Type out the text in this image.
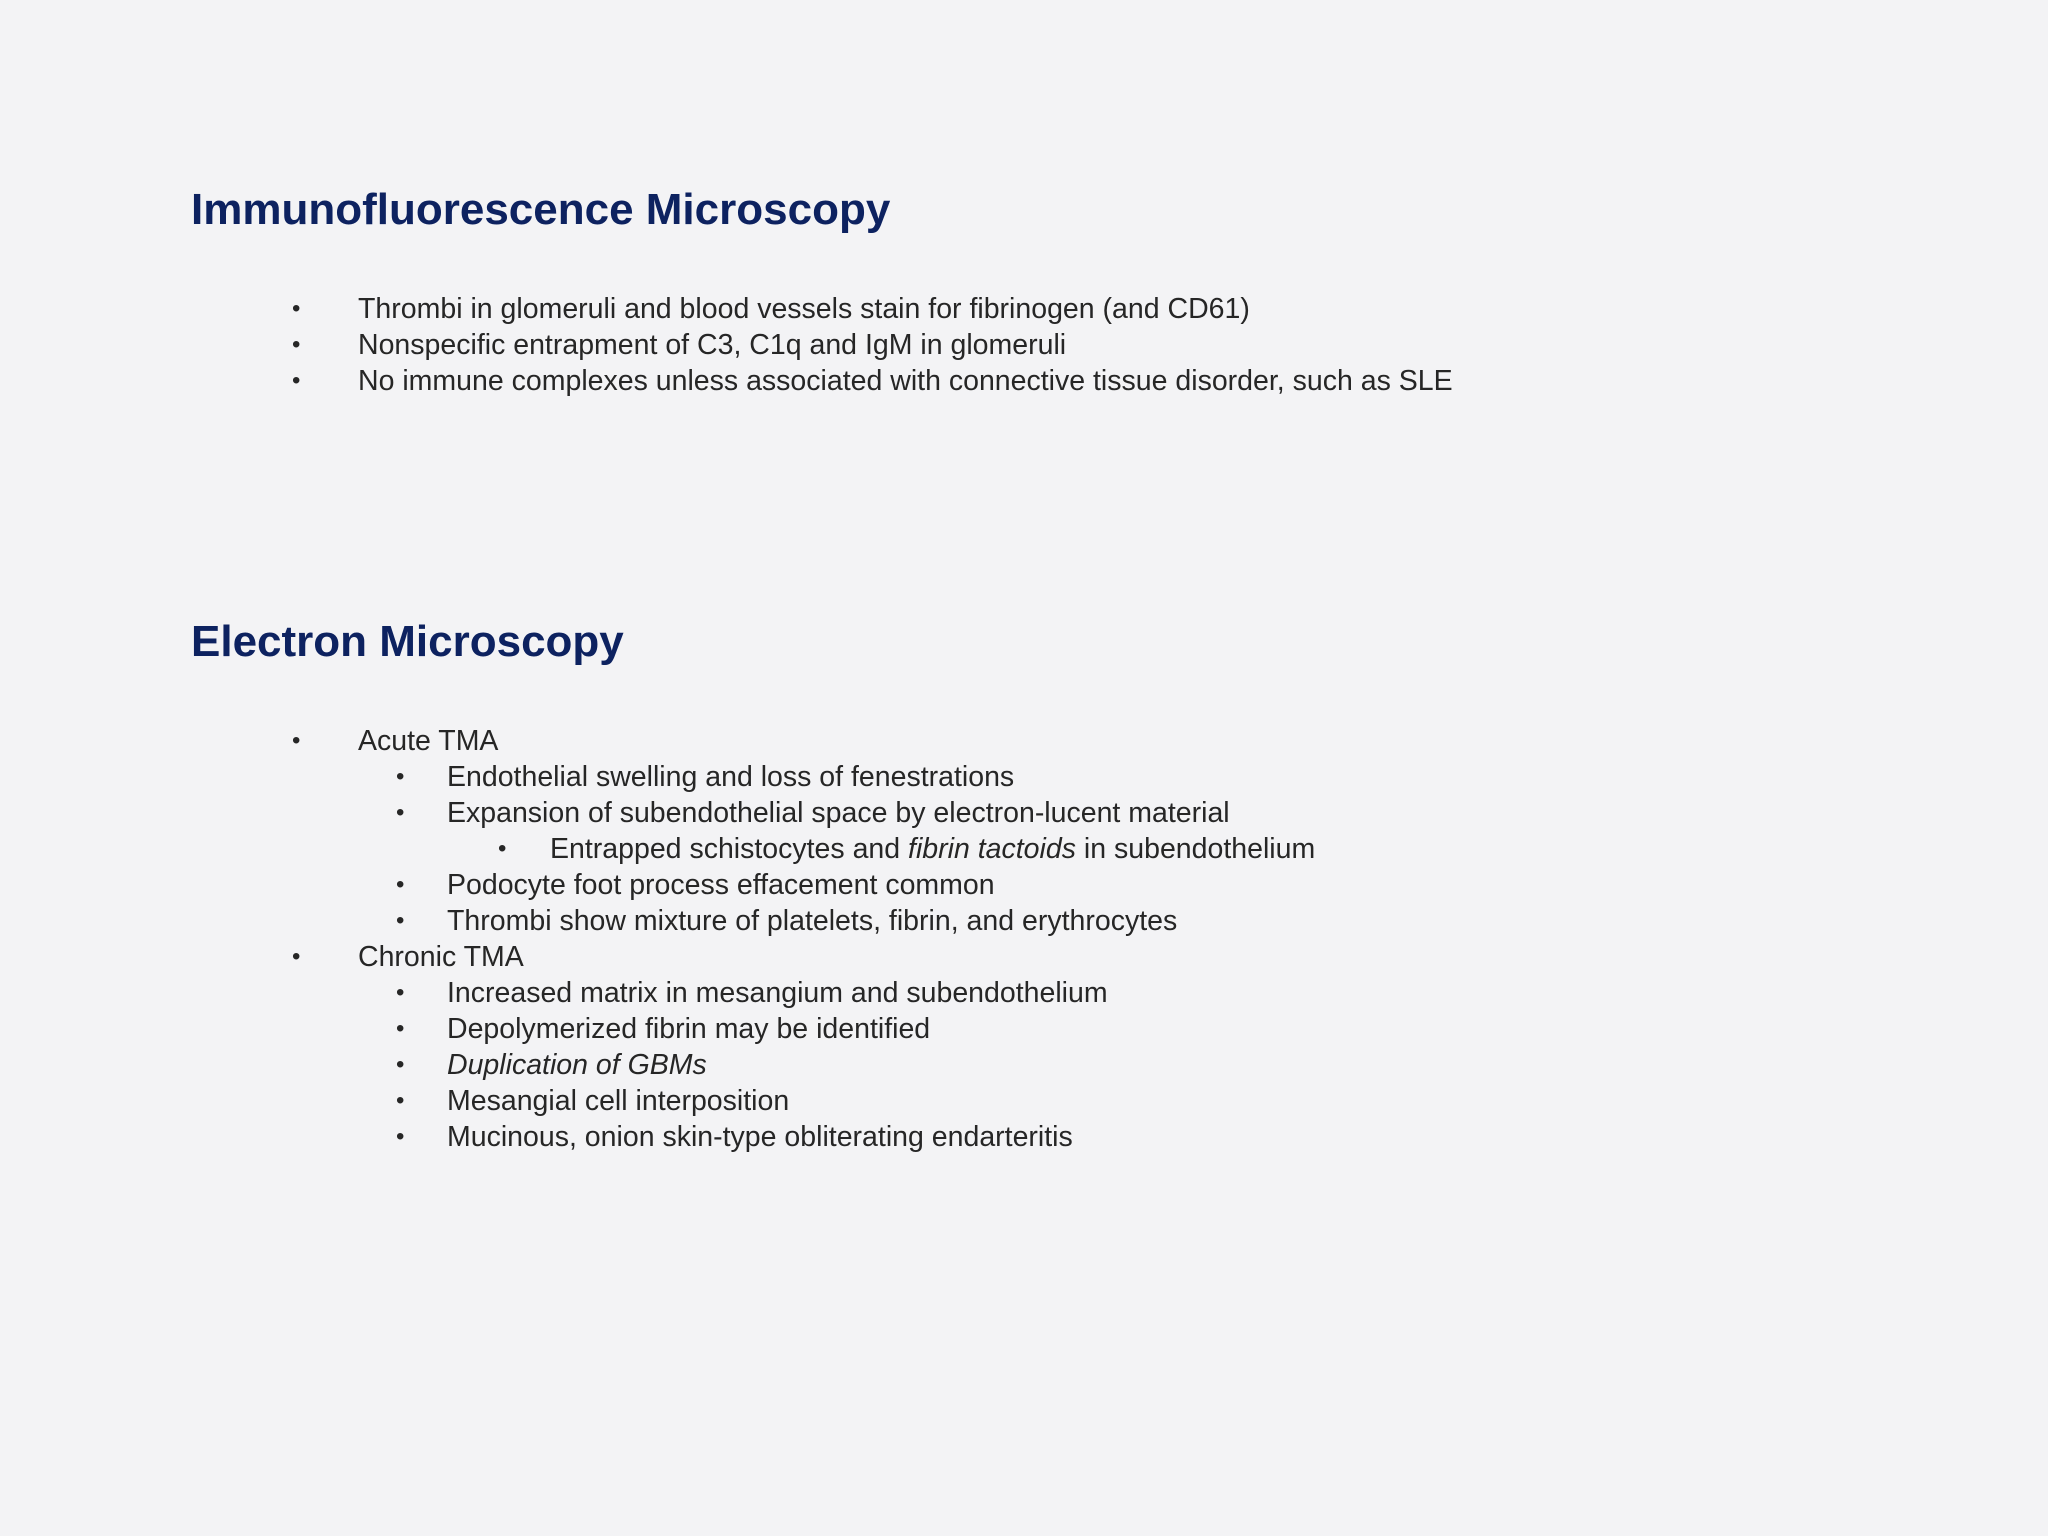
Immunofluorescence Microscopy
• Thrombi in glomeruli and blood vessels stain for fibrinogen (and CD61)
• Nonspecific entrapment of C3, C1q and IgM in glomeruli
• No immune complexes unless associated with connective tissue disorder, such as SLE
Electron Microscopy
• Acute TMA
• Endothelial swelling and loss of fenestrations
• Expansion of subendothelial space by electron-lucent material
• Entrapped schistocytes and fibrin tactoids in subendothelium
• Podocyte foot process effacement common
• Thrombi show mixture of platelets, fibrin, and erythrocytes
• Chronic TMA
• Increased matrix in mesangium and subendothelium
• Depolymerized fibrin may be identified
• Duplication of GBMs
• Mesangial cell interposition
• Mucinous, onion skin-type obliterating endarteritis
